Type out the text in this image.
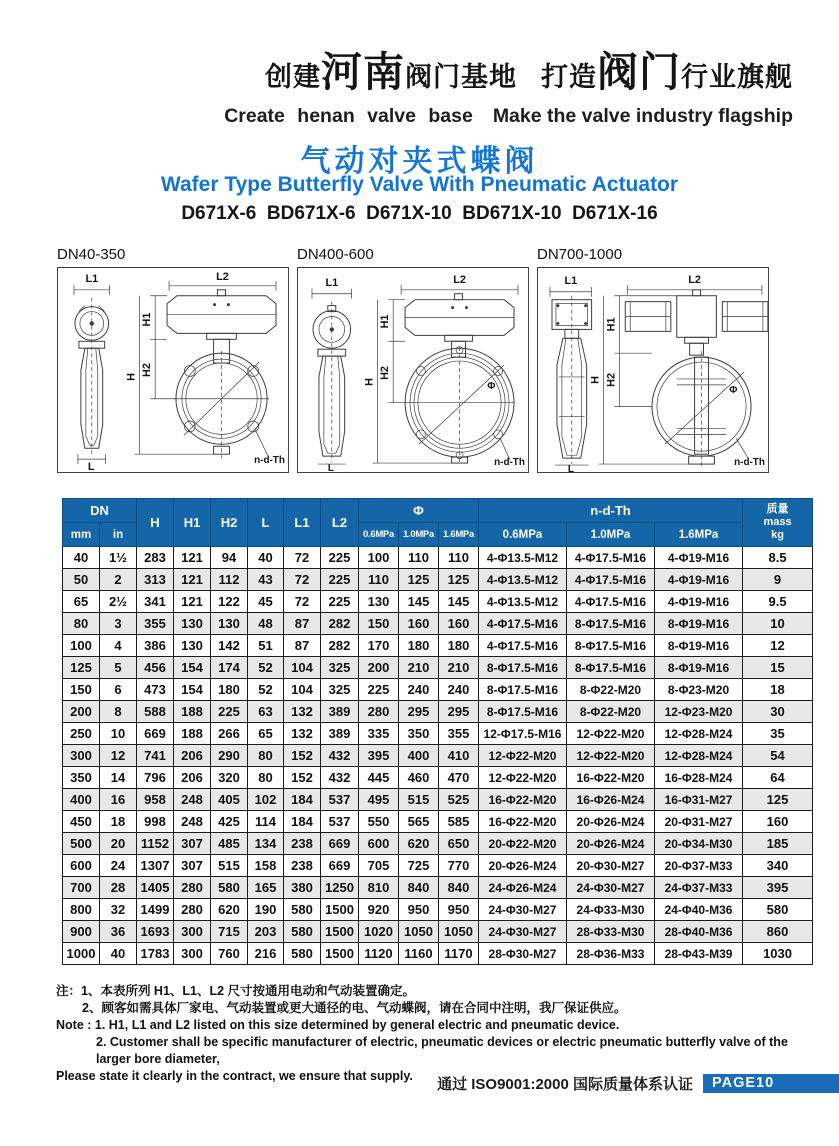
创建河南阀门基地 打造阀门行业旗舰
Create henan valve base Make the valve industry flagship
气动对夹式蝶阀
Wafer Type Butterfly Valve With Pneumatic Actuator
D671X-6  BD671X-6  D671X-10  BD671X-10  D671X-16
DN40-350
L1
L
L2
H1
H2
H
n-d-Th
DN400-600
L1
L
L2
Φ
H1
H2
H
n-d-Th
DN700-1000
L1
L
L2
Φ
H1
H2
H
n-d-Th
DN		H	H1	H2	L	L1	L2	Φ			n-d-Th			质量
mass
kg

mm	in							0.6MPa	1.0MPa	1.6MPa	0.6MPa	1.0MPa	1.6MPa	
40	1½	283	121	94	40	72	225	100	110	110	4-Φ13.5-M12	4-Φ17.5-M16	4-Φ19-M16	8.5
50	2	313	121	112	43	72	225	110	125	125	4-Φ13.5-M12	4-Φ17.5-M16	4-Φ19-M16	9
65	2½	341	121	122	45	72	225	130	145	145	4-Φ13.5-M12	4-Φ17.5-M16	4-Φ19-M16	9.5
80	3	355	130	130	48	87	282	150	160	160	4-Φ17.5-M16	8-Φ17.5-M16	8-Φ19-M16	10
100	4	386	130	142	51	87	282	170	180	180	4-Φ17.5-M16	8-Φ17.5-M16	8-Φ19-M16	12
125	5	456	154	174	52	104	325	200	210	210	8-Φ17.5-M16	8-Φ17.5-M16	8-Φ19-M16	15
150	6	473	154	180	52	104	325	225	240	240	8-Φ17.5-M16	8-Φ22-M20	8-Φ23-M20	18
200	8	588	188	225	63	132	389	280	295	295	8-Φ17.5-M16	8-Φ22-M20	12-Φ23-M20	30
250	10	669	188	266	65	132	389	335	350	355	12-Φ17.5-M16	12-Φ22-M20	12-Φ28-M24	35
300	12	741	206	290	80	152	432	395	400	410	12-Φ22-M20	12-Φ22-M20	12-Φ28-M24	54
350	14	796	206	320	80	152	432	445	460	470	12-Φ22-M20	16-Φ22-M20	16-Φ28-M24	64
400	16	958	248	405	102	184	537	495	515	525	16-Φ22-M20	16-Φ26-M24	16-Φ31-M27	125
450	18	998	248	425	114	184	537	550	565	585	16-Φ22-M20	20-Φ26-M24	20-Φ31-M27	160
500	20	1152	307	485	134	238	669	600	620	650	20-Φ22-M20	20-Φ26-M24	20-Φ34-M30	185
600	24	1307	307	515	158	238	669	705	725	770	20-Φ26-M24	20-Φ30-M27	20-Φ37-M33	340
700	28	1405	280	580	165	380	1250	810	840	840	24-Φ26-M24	24-Φ30-M27	24-Φ37-M33	395
800	32	1499	280	620	190	580	1500	920	950	950	24-Φ30-M27	24-Φ33-M30	24-Φ40-M36	580
900	36	1693	300	715	203	580	1500	1020	1050	1050	24-Φ30-M27	28-Φ33-M30	28-Φ40-M36	860
1000	40	1783	300	760	216	580	1500	1120	1160	1170	28-Φ30-M27	28-Φ36-M33	28-Φ43-M39	1030
注：1、本表所列 H1、L1、L2 尺寸按通用电动和气动装置确定。
2、顾客如需具体厂家电、气动装置或更大通径的电、气动蝶阀，请在合同中注明，我厂保证供应。
Note : 1. H1, L1 and L2 listed on this size determined by general electric and pneumatic device.
2. Customer shall be specific manufacturer of electric, pneumatic devices or electric pneumatic butterfly valve of the larger bore diameter,
Please state it clearly in the contract, we ensure that supply.	通过 ISO9001:2000 国际质量体系认证	PAGE10
